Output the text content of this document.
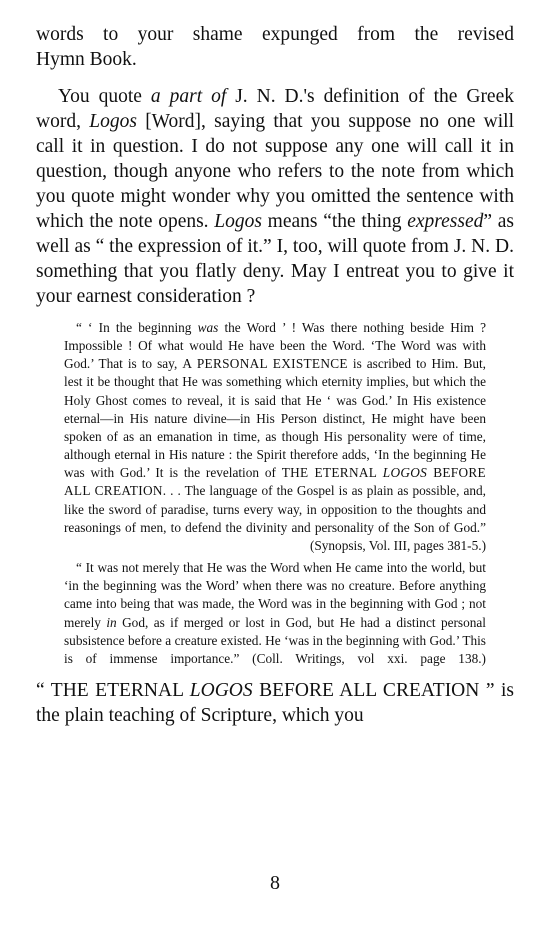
words to your shame expunged from the revised

Hymn Book.

You quote a part of J. N. D.'s definition of the Greek word, Logos [Word], saying that you suppose no one will call it in question. I do not suppose any one will call it in question, though anyone who refers to the note from which you quote might wonder why you omitted the sentence with which the note opens. Logos means “the thing expressed” as well as “ the expression of it.” I, too, will quote from J. N. D. something that you flatly deny. May I entreat you to give it your earnest consideration ?

“ ‘ In the beginning was the Word ’ ! Was there nothing beside Him ? Impossible ! Of what would He have been the Word. ‘The Word was with God.’ That is to say, A PERSONAL EXISTENCE is ascribed to Him. But, lest it be thought that He was something which eternity implies, but which the Holy Ghost comes to reveal, it is said that He ‘ was God.’ In His existence eternal—in His nature divine—in His Person distinct, He might have been spoken of as an emanation in time, as though His personality were of time, although eternal in His nature : the Spirit therefore adds, ‘In the beginning He was with God.’ It is the revelation of THE ETERNAL LOGOS BEFORE ALL CREATION. . . The language of the Gospel is as plain as possible, and, like the sword of paradise, turns every way, in opposition to the thoughts and reasonings of men, to defend the divinity and personality of the Son of God.”

(Synopsis, Vol. III, pages 381-5.)

“ It was not merely that He was the Word when He came into the world, but ‘in the beginning was the Word’ when there was no creature. Before anything came into being that was made, the Word was in the beginning with God ; not merely in God, as if merged or lost in God, but He had a distinct personal subsistence before a creature existed. He ‘was in the beginning with God.’ This is of immense importance.” (Coll. Writings, vol xxi. page 138.)

“ THE ETERNAL LOGOS BEFORE ALL CREATION ” is the plain teaching of Scripture, which you

8
